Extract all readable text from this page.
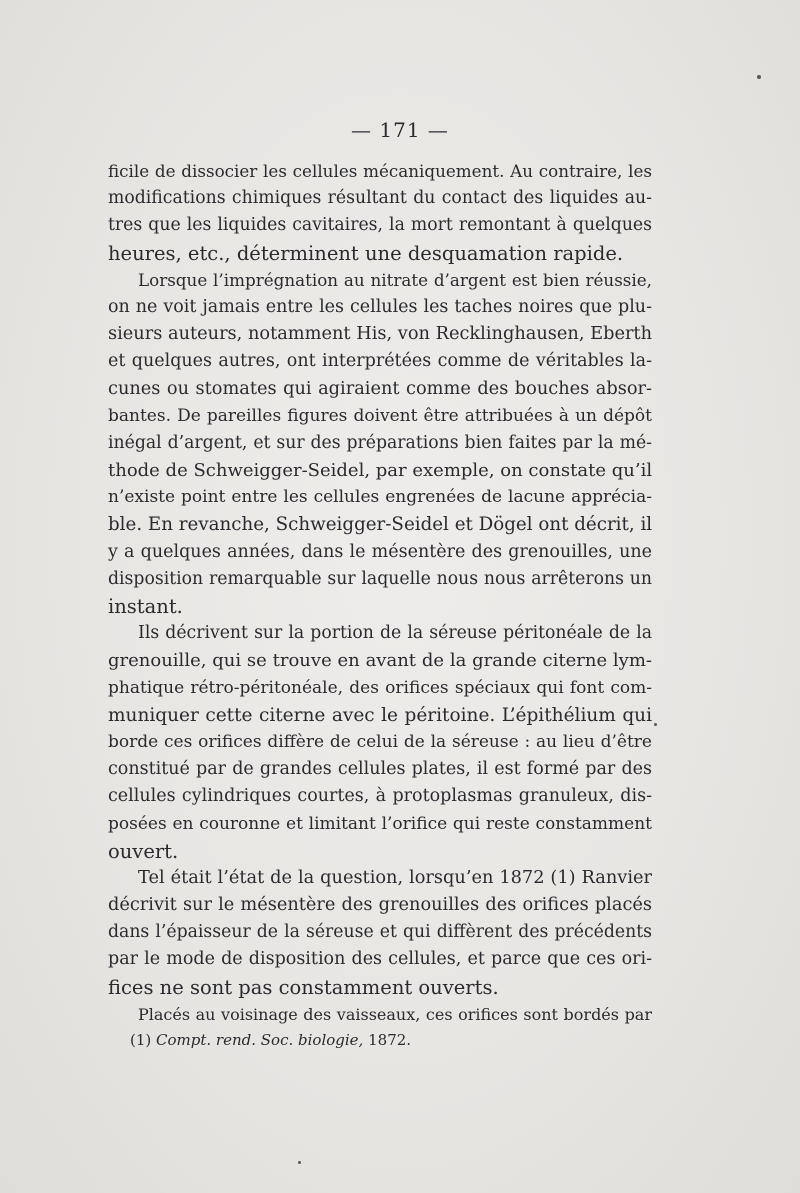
— 171 —
ficile de dissocier les cellules mécaniquement. Au contraire, les
modifications chimiques résultant du contact des liquides au-
tres que les liquides cavitaires, la mort remontant à quelques
heures, etc., déterminent une desquamation rapide.
Lorsque l’imprégnation au nitrate d’argent est bien réussie,
on ne voit jamais entre les cellules les taches noires que plu-
sieurs auteurs, notamment His, von Recklinghausen, Eberth
et quelques autres, ont interprétées comme de véritables la-
cunes ou stomates qui agiraient comme des bouches absor-
bantes. De pareilles figures doivent être attribuées à un dépôt
inégal d’argent, et sur des préparations bien faites par la mé-
thode de Schweigger-Seidel, par exemple, on constate qu’il
n’existe point entre les cellules engrenées de lacune apprécia-
ble. En revanche, Schweigger-Seidel et Dögel ont décrit, il
y a quelques années, dans le mésentère des grenouilles, une
disposition remarquable sur laquelle nous nous arrêterons un
instant.
Ils décrivent sur la portion de la séreuse péritonéale de la
grenouille, qui se trouve en avant de la grande citerne lym-
phatique rétro-péritonéale, des orifices spéciaux qui font com-
muniquer cette citerne avec le péritoine. L’épithélium qui
borde ces orifices diffère de celui de la séreuse : au lieu d’être
constitué par de grandes cellules plates, il est formé par des
cellules cylindriques courtes, à protoplasmas granuleux, dis-
posées en couronne et limitant l’orifice qui reste constamment
ouvert.
Tel était l’état de la question, lorsqu’en 1872 (1) Ranvier
décrivit sur le mésentère des grenouilles des orifices placés
dans l’épaisseur de la séreuse et qui diffèrent des précédents
par le mode de disposition des cellules, et parce que ces ori-
fices ne sont pas constamment ouverts.
Placés au voisinage des vaisseaux, ces orifices sont bordés par
(1) Compt. rend. Soc. biologie, 1872.
